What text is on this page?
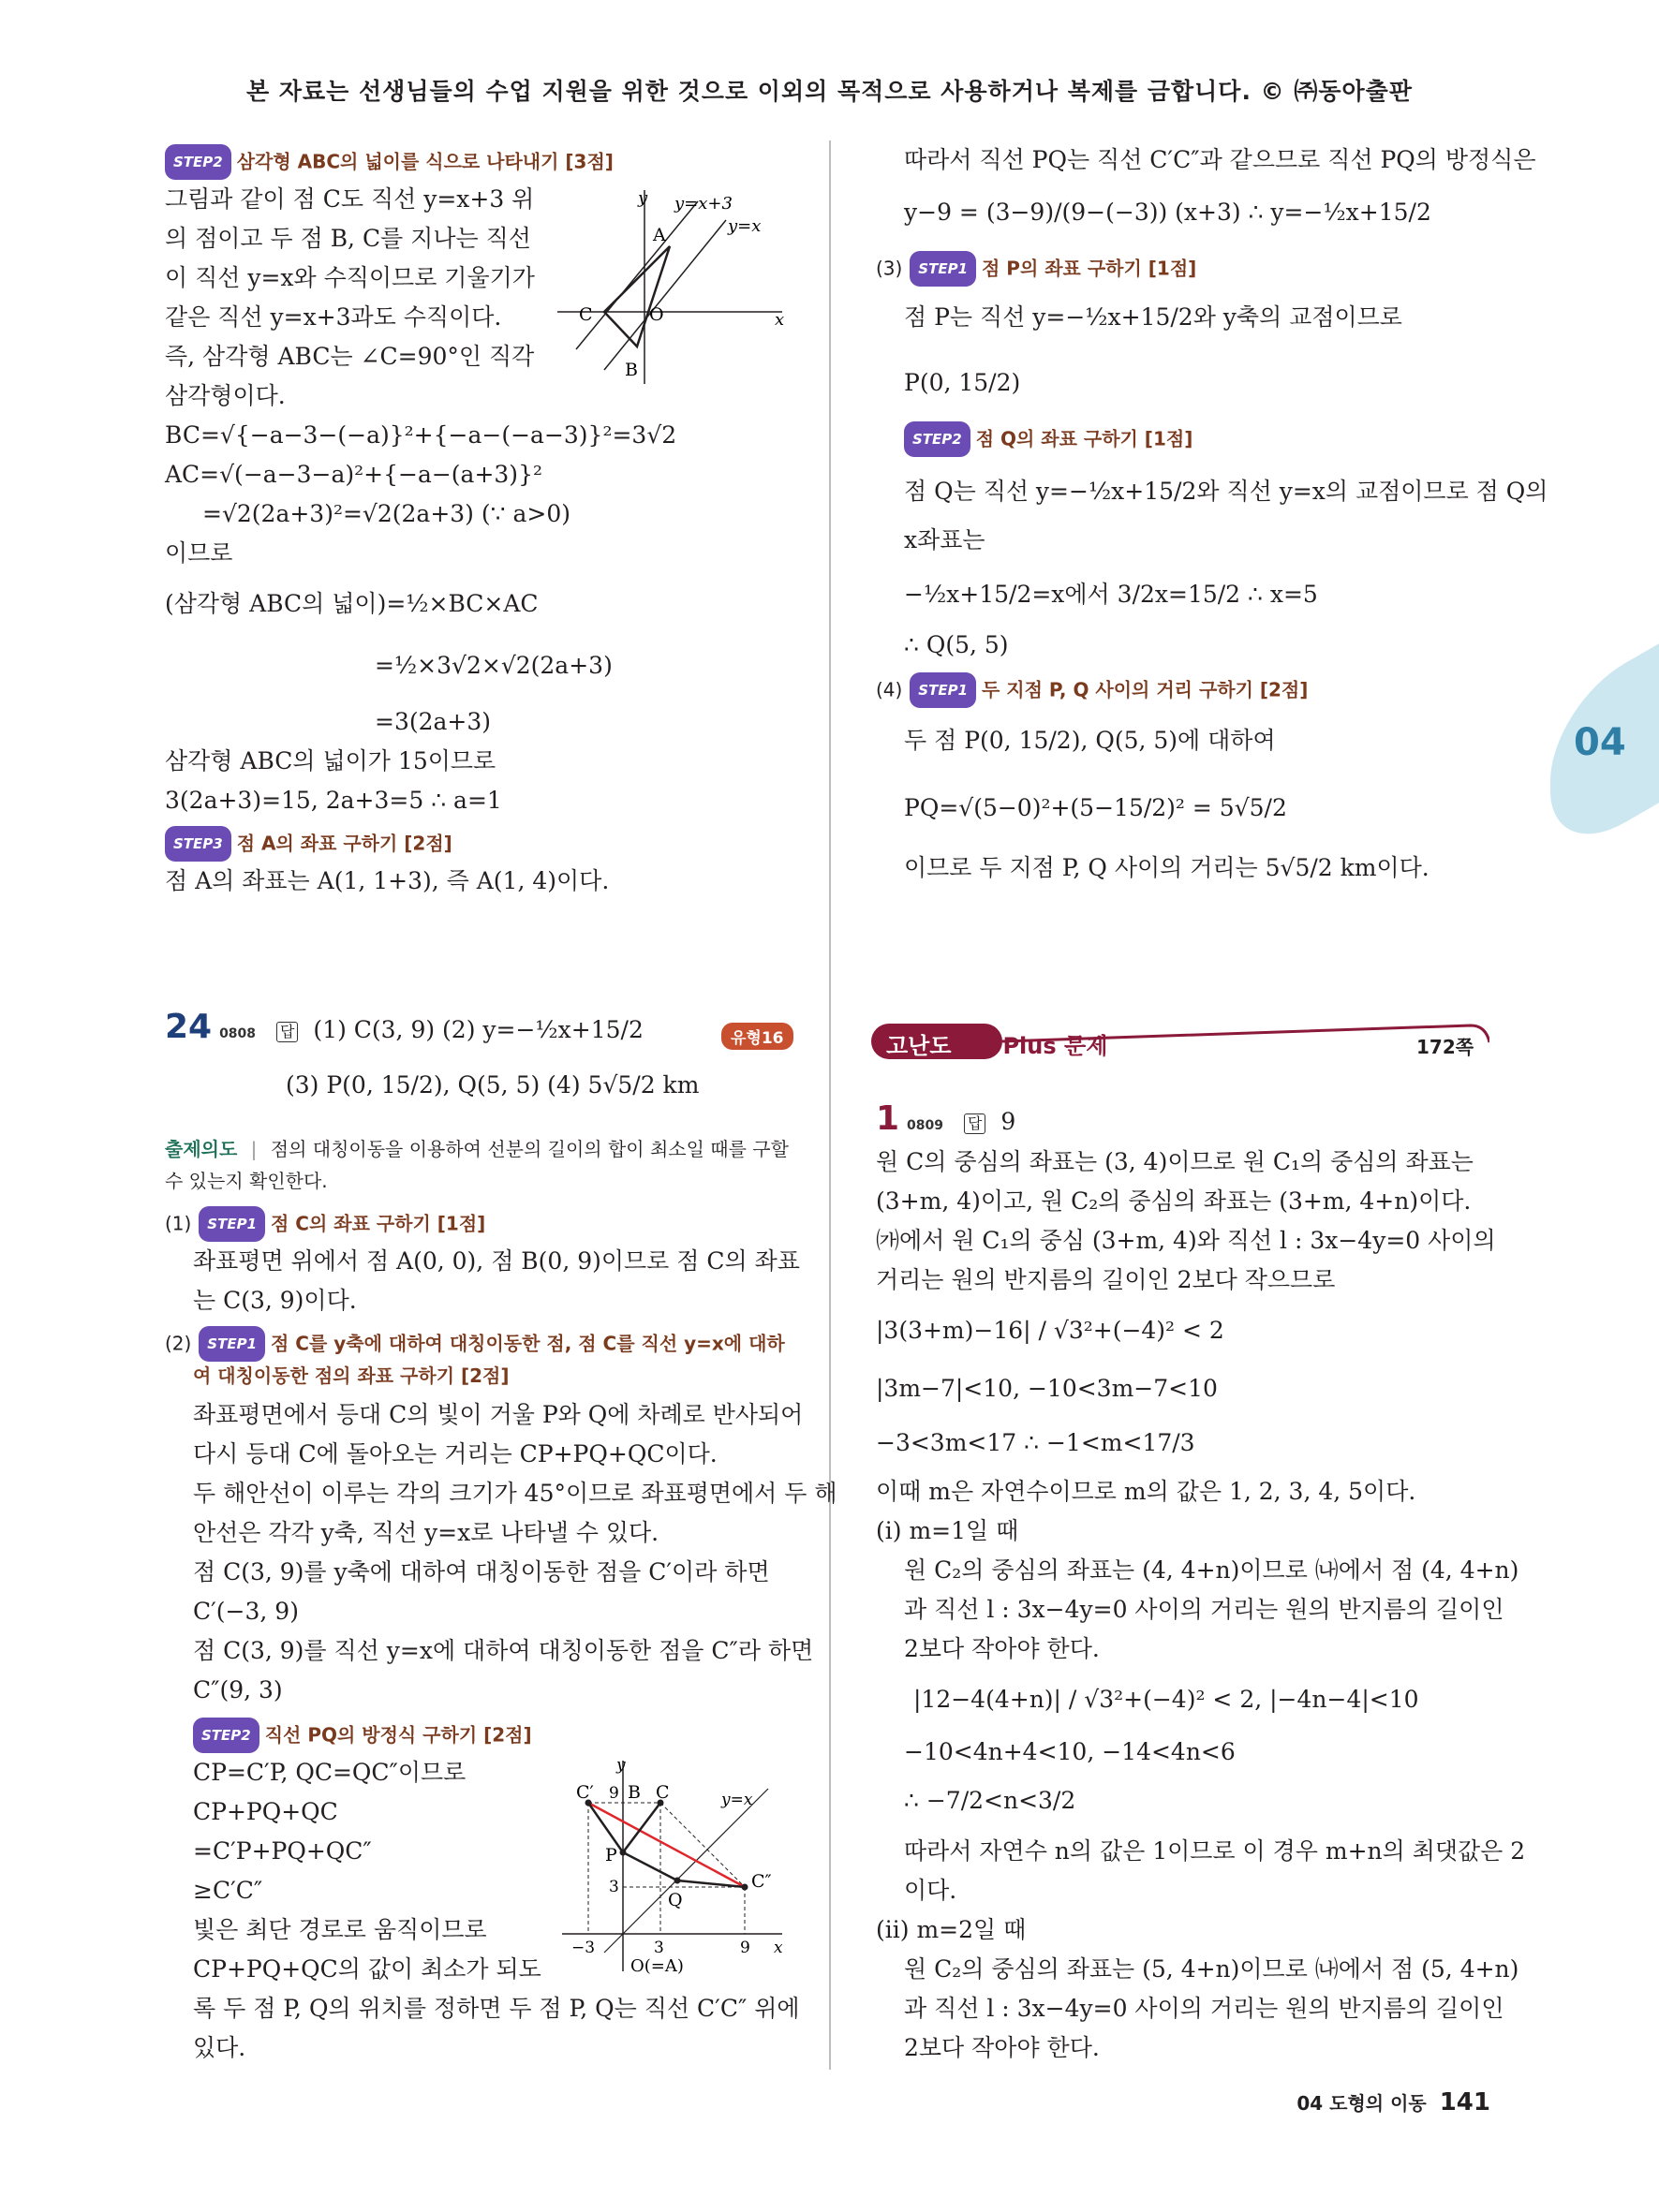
본 자료는 선생님들의 수업 지원을 위한 것으로 이외의 목적으로 사용하거나 복제를 금합니다. © ㈜동아출판
04
STEP2 삼각형 ABC의 넓이를 식으로 나타내기 [3점]
그림과 같이 점 C도 직선 y=x+3 위
의 점이고 두 점 B, C를 지나는 직선
이 직선 y=x와 수직이므로 기울기가
같은 직선 y=x+3과도 수직이다.
즉, 삼각형 ABC는 ∠C=90°인 직각
삼각형이다.
y
x
y=x+3
y=x
A
B
C	O
BC=√{−a−3−(−a)}²+{−a−(−a−3)}²=3√2
AC=√(−a−3−a)²+{−a−(a+3)}²
=√2(2a+3)²=√2(2a+3) (∵ a>0)
이므로
(삼각형 ABC의 넓이)=½×BC×AC
=½×3√2×√2(2a+3)
=3(2a+3)
삼각형 ABC의 넓이가 15이므로
3(2a+3)=15, 2a+3=5 ∴ a=1
STEP3 점 A의 좌표 구하기 [2점]
점 A의 좌표는 A(1, 1+3), 즉 A(1, 4)이다.
24 0808 답 (1) C(3, 9) (2) y=−½x+15/2	유형16
(3) P(0, 15/2), Q(5, 5) (4) 5√5/2 km
출제의도 | 점의 대칭이동을 이용하여 선분의 길이의 합이 최소일 때를 구할
수 있는지 확인한다.
(1) STEP1 점 C의 좌표 구하기 [1점]
좌표평면 위에서 점 A(0, 0), 점 B(0, 9)이므로 점 C의 좌표
는 C(3, 9)이다.
(2) STEP1 점 C를 y축에 대하여 대칭이동한 점, 점 C를 직선 y=x에 대하
여 대칭이동한 점의 좌표 구하기 [2점]
좌표평면에서 등대 C의 빛이 거울 P와 Q에 차례로 반사되어
다시 등대 C에 돌아오는 거리는 CP+PQ+QC이다.
두 해안선이 이루는 각의 크기가 45°이므로 좌표평면에서 두 해
안선은 각각 y축, 직선 y=x로 나타낼 수 있다.
점 C(3, 9)를 y축에 대하여 대칭이동한 점을 C′이라 하면
C′(−3, 9)
점 C(3, 9)를 직선 y=x에 대하여 대칭이동한 점을 C″라 하면
C″(9, 3)
STEP2 직선 PQ의 방정식 구하기 [2점]
CP=C′P, QC=QC″이므로
CP+PQ+QC
=C′P+PQ+QC″
≥C′C″
빛은 최단 경로로 움직이므로
CP+PQ+QC의 값이 최소가 되도
록 두 점 P, Q의 위치를 정하면 두 점 P, Q는 직선 C′C″ 위에
있다.
y
x
C′ 9 B C	y=x
P
3
Q
C″
−3	3	9
O(=A)
따라서 직선 PQ는 직선 C′C″과 같으므로 직선 PQ의 방정식은
y−9 = (3−9)/(9−(−3)) (x+3) ∴ y=−½x+15/2
(3) STEP1 점 P의 좌표 구하기 [1점]
점 P는 직선 y=−½x+15/2와 y축의 교점이므로
P(0, 15/2)
STEP2 점 Q의 좌표 구하기 [1점]
점 Q는 직선 y=−½x+15/2와 직선 y=x의 교점이므로 점 Q의
x좌표는
−½x+15/2=x에서 3/2x=15/2 ∴ x=5
∴ Q(5, 5)
(4) STEP1 두 지점 P, Q 사이의 거리 구하기 [2점]
두 점 P(0, 15/2), Q(5, 5)에 대하여
PQ=√(5−0)²+(5−15/2)² = 5√5/2
이므로 두 지점 P, Q 사이의 거리는 5√5/2 km이다.
고난도 ⊕ Plus 문제	172쪽
1 0809 답 9
원 C의 중심의 좌표는 (3, 4)이므로 원 C₁의 중심의 좌표는
(3+m, 4)이고, 원 C₂의 중심의 좌표는 (3+m, 4+n)이다.
㈎에서 원 C₁의 중심 (3+m, 4)와 직선 l : 3x−4y=0 사이의
거리는 원의 반지름의 길이인 2보다 작으므로
|3(3+m)−16| / √3²+(−4)² < 2
|3m−7|<10, −10<3m−7<10
−3<3m<17 ∴ −1<m<17/3
이때 m은 자연수이므로 m의 값은 1, 2, 3, 4, 5이다.
(ⅰ) m=1일 때
원 C₂의 중심의 좌표는 (4, 4+n)이므로 ㈏에서 점 (4, 4+n)
과 직선 l : 3x−4y=0 사이의 거리는 원의 반지름의 길이인
2보다 작아야 한다.
|12−4(4+n)| / √3²+(−4)² < 2, |−4n−4|<10
−10<4n+4<10, −14<4n<6
∴ −7/2<n<3/2
따라서 자연수 n의 값은 1이므로 이 경우 m+n의 최댓값은 2
이다.
(ⅱ) m=2일 때
원 C₂의 중심의 좌표는 (5, 4+n)이므로 ㈏에서 점 (5, 4+n)
과 직선 l : 3x−4y=0 사이의 거리는 원의 반지름의 길이인
2보다 작아야 한다.
04 도형의 이동 141
